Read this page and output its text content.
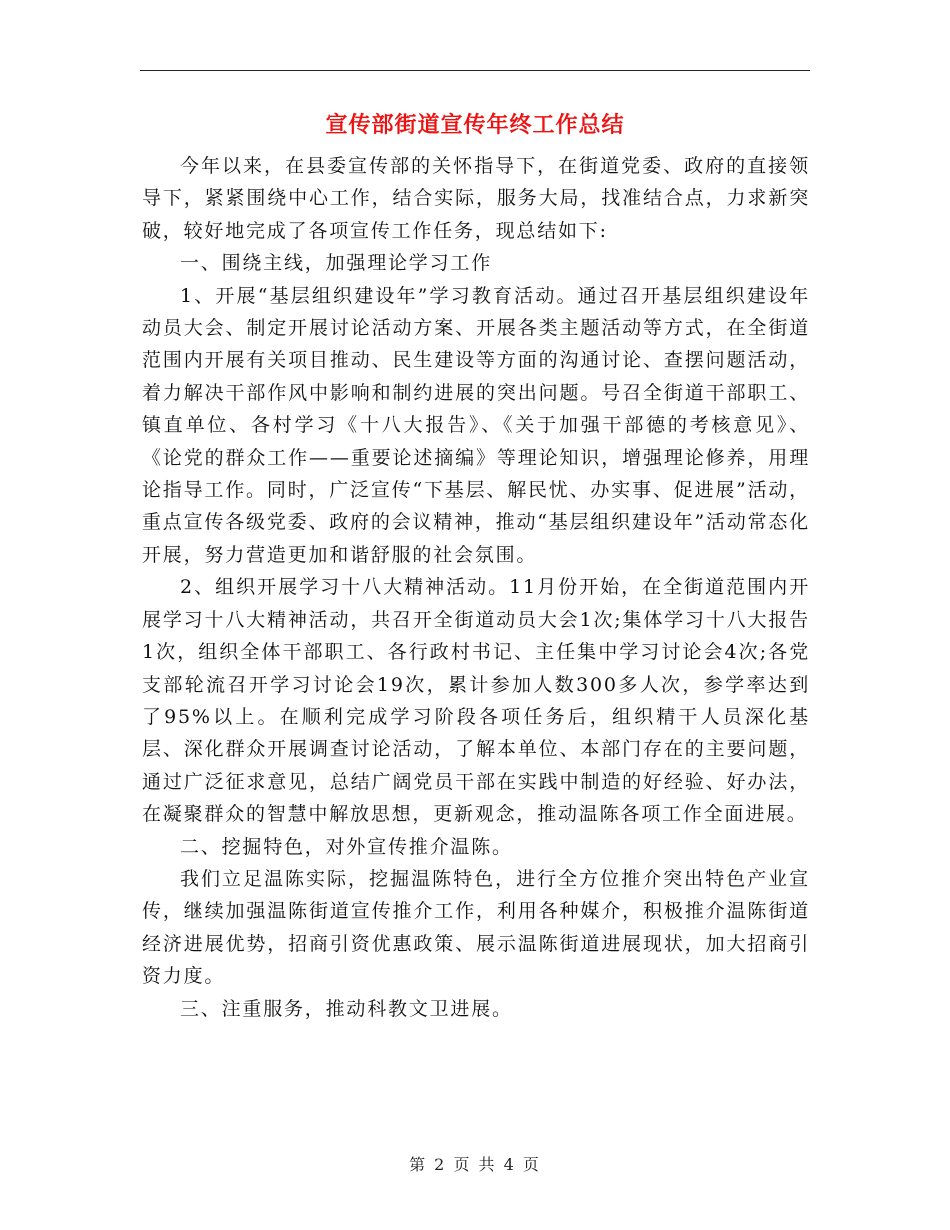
宣传部街道宣传年终工作总结

今年以来，在县委宣传部的关怀指导下，在街道党委、政府的直接领导下，紧紧围绕中心工作，结合实际，服务大局，找准结合点，力求新突破，较好地完成了各项宣传工作任务，现总结如下:

一、围绕主线，加强理论学习工作

1、开展“基层组织建设年”学习教育活动。通过召开基层组织建设年动员大会、制定开展讨论活动方案、开展各类主题活动等方式，在全街道范围内开展有关项目推动、民生建设等方面的沟通讨论、查摆问题活动，着力解决干部作风中影响和制约进展的突出问题。号召全街道干部职工、镇直单位、各村学习《十八大报告》、《关于加强干部德的考核意见》、《论党的群众工作——重要论述摘编》等理论知识，增强理论修养，用理论指导工作。同时，广泛宣传“下基层、解民忧、办实事、促进展”活动，重点宣传各级党委、政府的会议精神，推动“基层组织建设年”活动常态化开展，努力营造更加和谐舒服的社会氛围。

2、组织开展学习十八大精神活动。11月份开始，在全街道范围内开展学习十八大精神活动，共召开全街道动员大会1次;集体学习十八大报告1次，组织全体干部职工、各行政村书记、主任集中学习讨论会4次;各党支部轮流召开学习讨论会19次，累计参加人数300多人次，参学率达到了95%以上。在顺利完成学习阶段各项任务后，组织精干人员深化基层、深化群众开展调查讨论活动，了解本单位、本部门存在的主要问题，通过广泛征求意见，总结广阔党员干部在实践中制造的好经验、好办法，在凝聚群众的智慧中解放思想，更新观念，推动温陈各项工作全面进展。

二、挖掘特色，对外宣传推介温陈。

我们立足温陈实际，挖掘温陈特色，进行全方位推介突出特色产业宣传，继续加强温陈街道宣传推介工作，利用各种媒介，积极推介温陈街道经济进展优势，招商引资优惠政策、展示温陈街道进展现状，加大招商引资力度。

三、注重服务，推动科教文卫进展。

第 2 页 共 4 页
